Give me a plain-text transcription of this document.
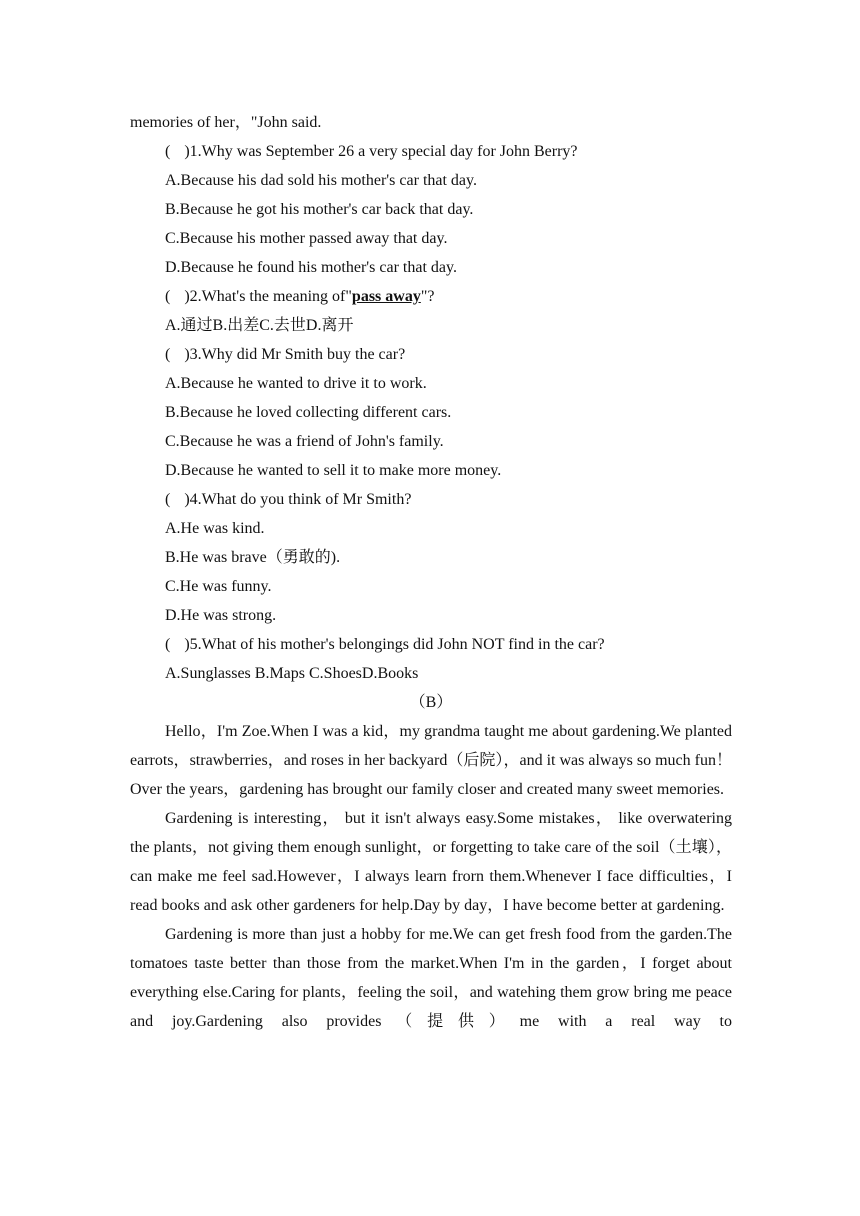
memories of her，"John said.
( )1.Why was September 26 a very special day for John Berry?
A.Because his dad sold his mother's car that day.
B.Because he got his mother's car back that day.
C.Because his mother passed away that day.
D.Because he found his mother's car that day.
( )2.What's the meaning of"pass away"?
A.通过B.出差C.去世D.离开
( )3.Why did Mr Smith buy the car?
A.Because he wanted to drive it to work.
B.Because he loved collecting different cars.
C.Because he was a friend of John's family.
D.Because he wanted to sell it to make more money.
( )4.What do you think of Mr Smith?
A.He was kind.
B.He was brave（勇敢的).
C.He was funny.
D.He was strong.
( )5.What of his mother's belongings did John NOT find in the car?
A.Sunglasses B.Maps C.ShoesD.Books
（B）

Hello，I'm Zoe.When I was a kid，my grandma taught me about gardening.We planted earrots，strawberries，and roses in her backyard（后院），and it was always so much fun！Over the years，gardening has brought our family closer and created many sweet memories.

Gardening is interesting， but it isn't always easy.Some mistakes， like overwatering the plants，not giving them enough sunlight，or forgetting to take care of the soil（土壤），can make me feel sad.However，I always learn frorn them.Whenever I face difficulties，I read books and ask other gardeners for help.Day by day，I have become better at gardening.

Gardening is more than just a hobby for me.We can get fresh food from the garden.The tomatoes taste better than those from the market.When I'm in the garden，I forget about everything else.Caring for plants，feeling the soil，and watehing them grow bring me peace and joy.Gardening also provides（提供）me with a real way to
